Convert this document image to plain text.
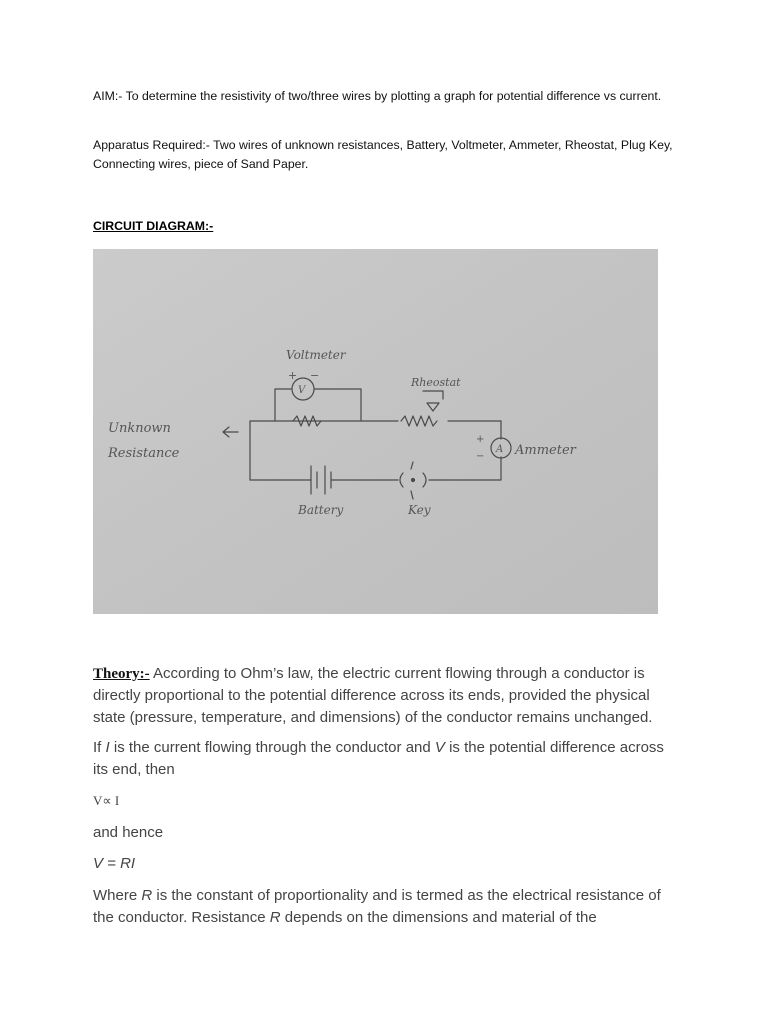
AIM:- To determine the resistivity of two/three wires by plotting a graph for potential difference vs current.

Apparatus Required:- Two wires of unknown resistances, Battery, Voltmeter, Ammeter, Rheostat, Plug Key, Connecting wires, piece of Sand Paper.

CIRCUIT DIAGRAM:-
Voltmeter
V
+ −
Rheostat
A
+
− Ammeter
Battery	Key
Unknown
Resistance

Theory:- According to Ohm’s law, the electric current flowing through a conductor is directly proportional to the potential difference across its ends, provided the physical state (pressure, temperature, and dimensions) of the conductor remains unchanged.

If I is the current flowing through the conductor and V is the potential difference across its end, then

V∝ I

and hence

V = RI

Where R is the constant of proportionality and is termed as the electrical resistance of the conductor. Resistance R depends on the dimensions and material of the
